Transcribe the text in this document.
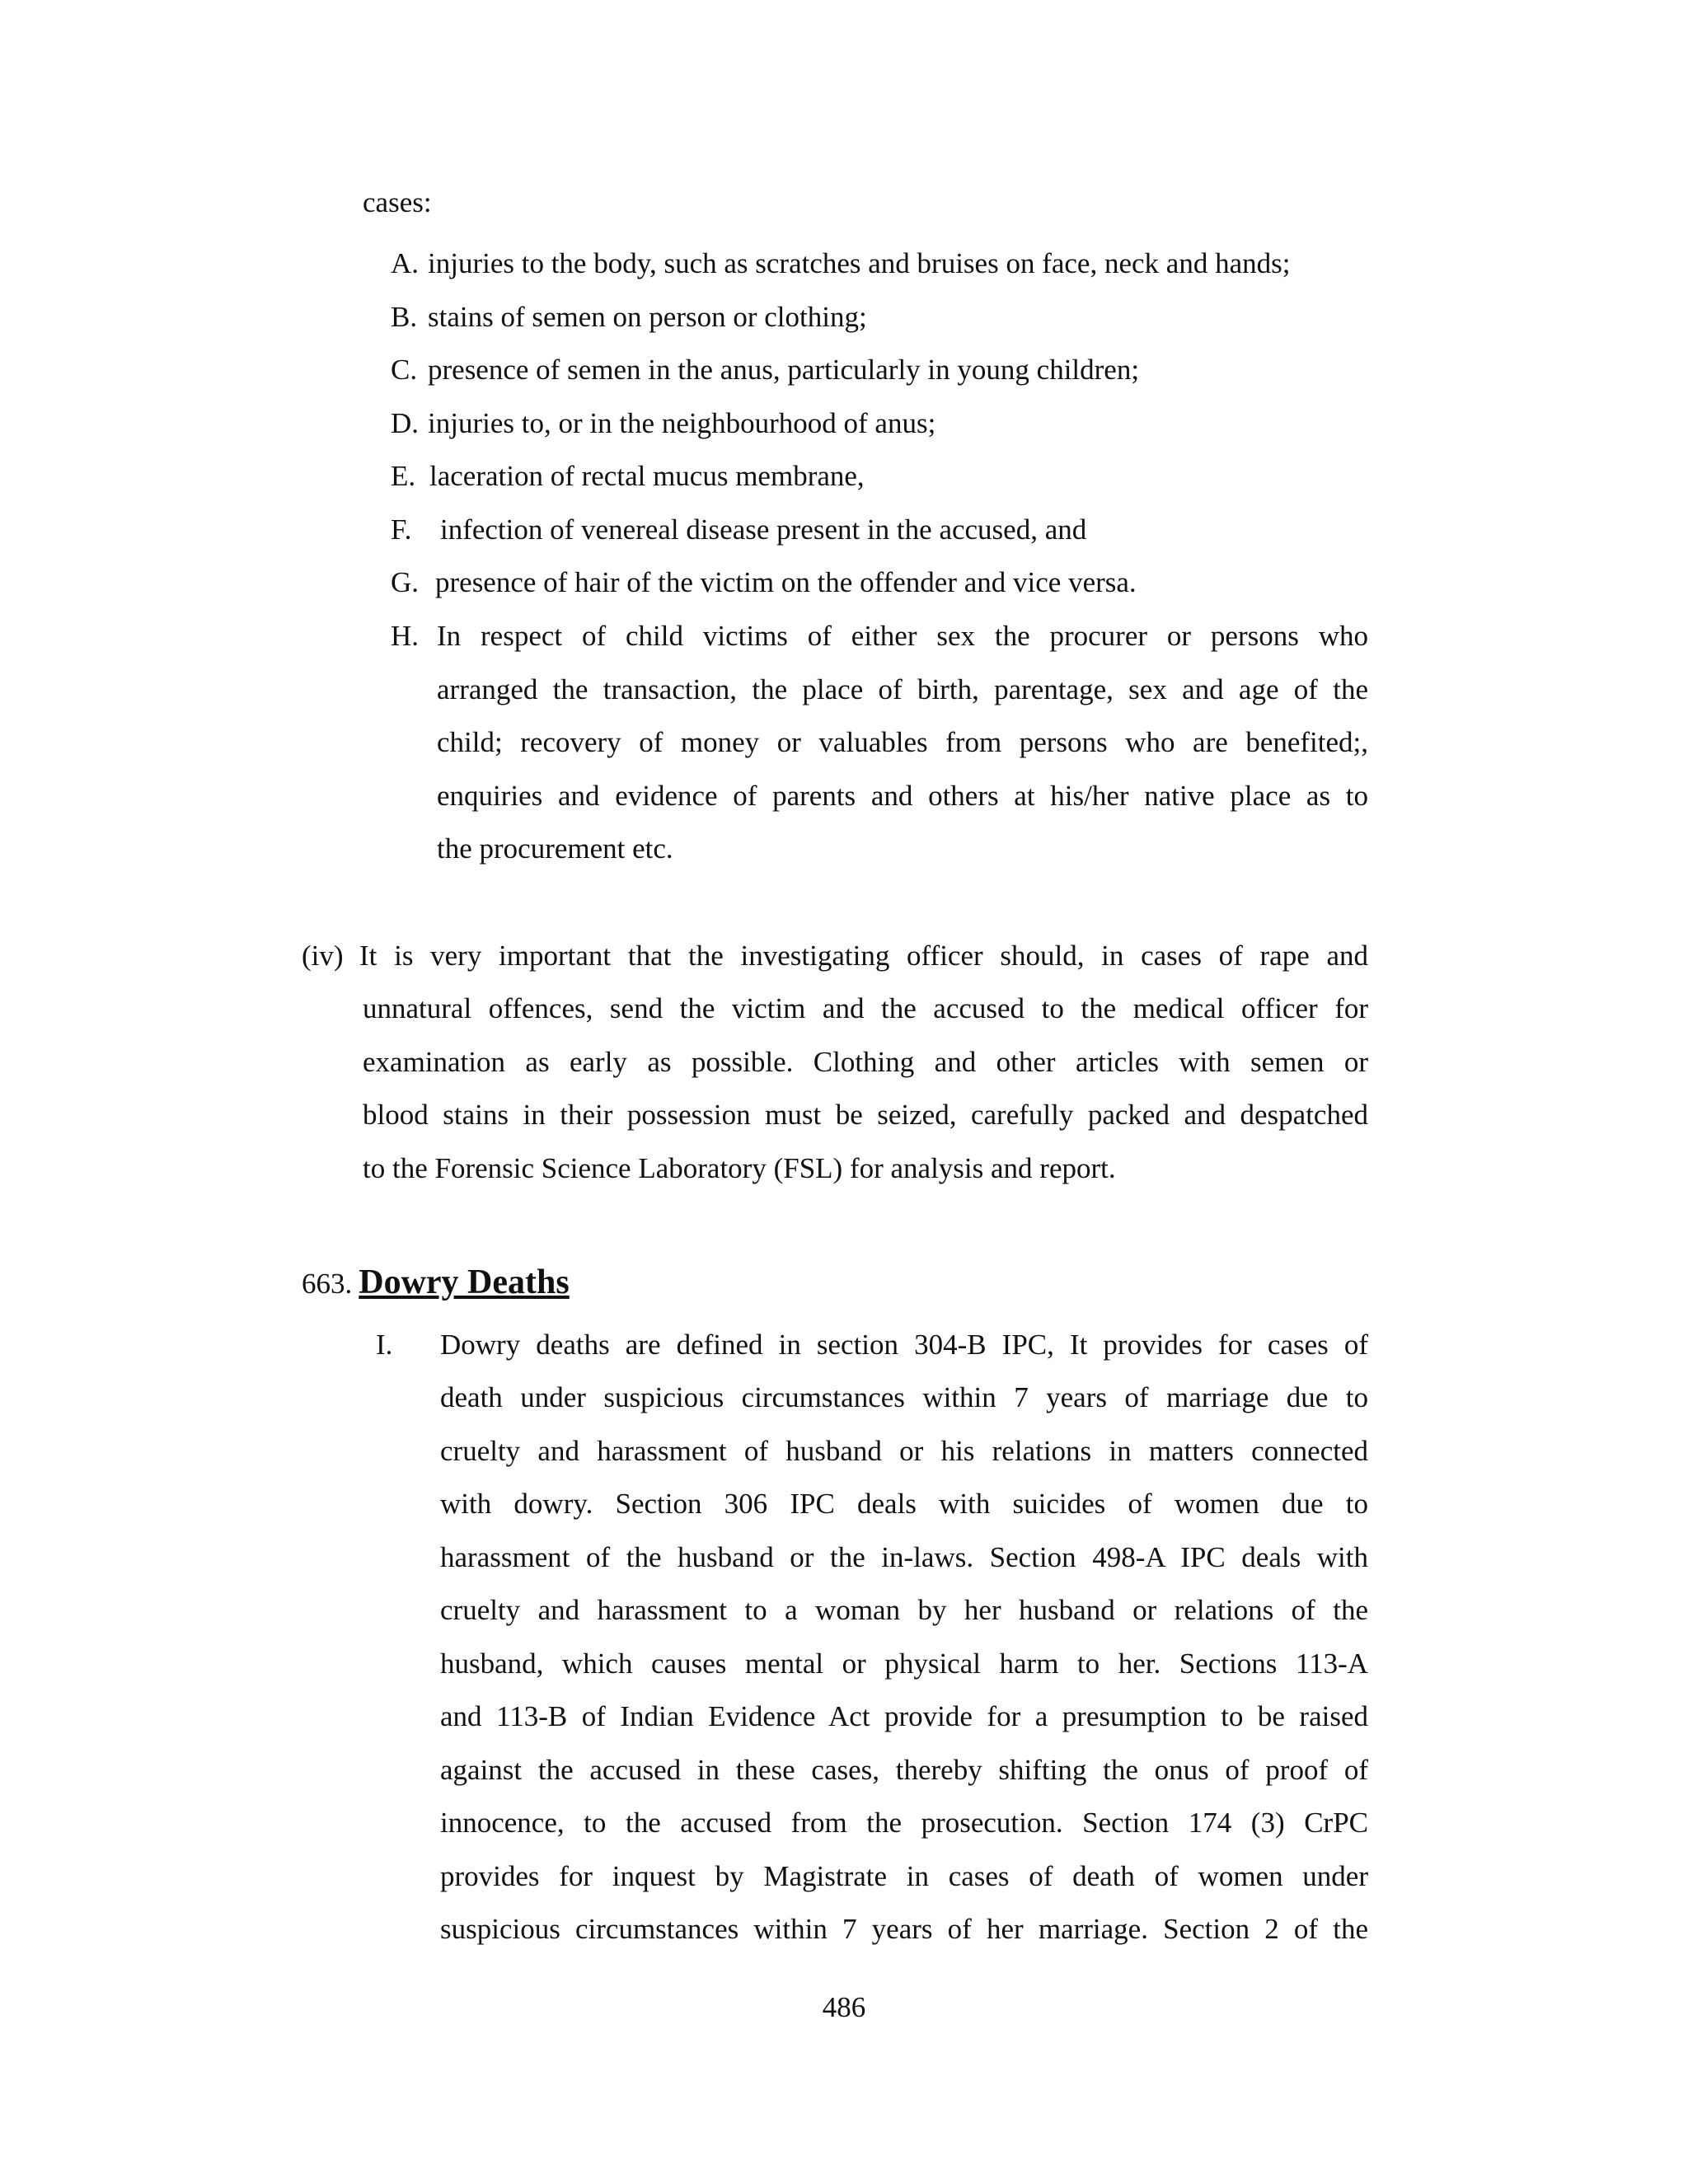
cases:
A. injuries to the body, such as scratches and bruises on face, neck and hands;
B. stains of semen on person or clothing;
C. presence of semen in the anus, particularly in young children;
D. injuries to, or in the neighbourhood of anus;
E. laceration of rectal mucus membrane,
F. infection of venereal disease present in the accused, and
G. presence of hair of the victim on the offender and vice versa.
H. In respect of child victims of either sex the procurer or persons who
arranged the transaction, the place of birth, parentage, sex and age of the
child; recovery of money or valuables from persons who are benefited;,
enquiries and evidence of parents and others at his/her native place as to
the procurement etc.
(iv) It is very important that the investigating officer should, in cases of rape and
unnatural offences, send the victim and the accused to the medical officer for
examination as early as possible. Clothing and other articles with semen or
blood stains in their possession must be seized, carefully packed and despatched
to the Forensic Science Laboratory (FSL) for analysis and report.
663. Dowry Deaths
I. Dowry deaths are defined in section 304-B IPC, It provides for cases of
death under suspicious circumstances within 7 years of marriage due to
cruelty and harassment of husband or his relations in matters connected
with dowry. Section 306 IPC deals with suicides of women due to
harassment of the husband or the in-laws. Section 498-A IPC deals with
cruelty and harassment to a woman by her husband or relations of the
husband, which causes mental or physical harm to her. Sections 113-A
and 113-B of Indian Evidence Act provide for a presumption to be raised
against the accused in these cases, thereby shifting the onus of proof of
innocence, to the accused from the prosecution. Section 174 (3) CrPC
provides for inquest by Magistrate in cases of death of women under
suspicious circumstances within 7 years of her marriage. Section 2 of the
486
